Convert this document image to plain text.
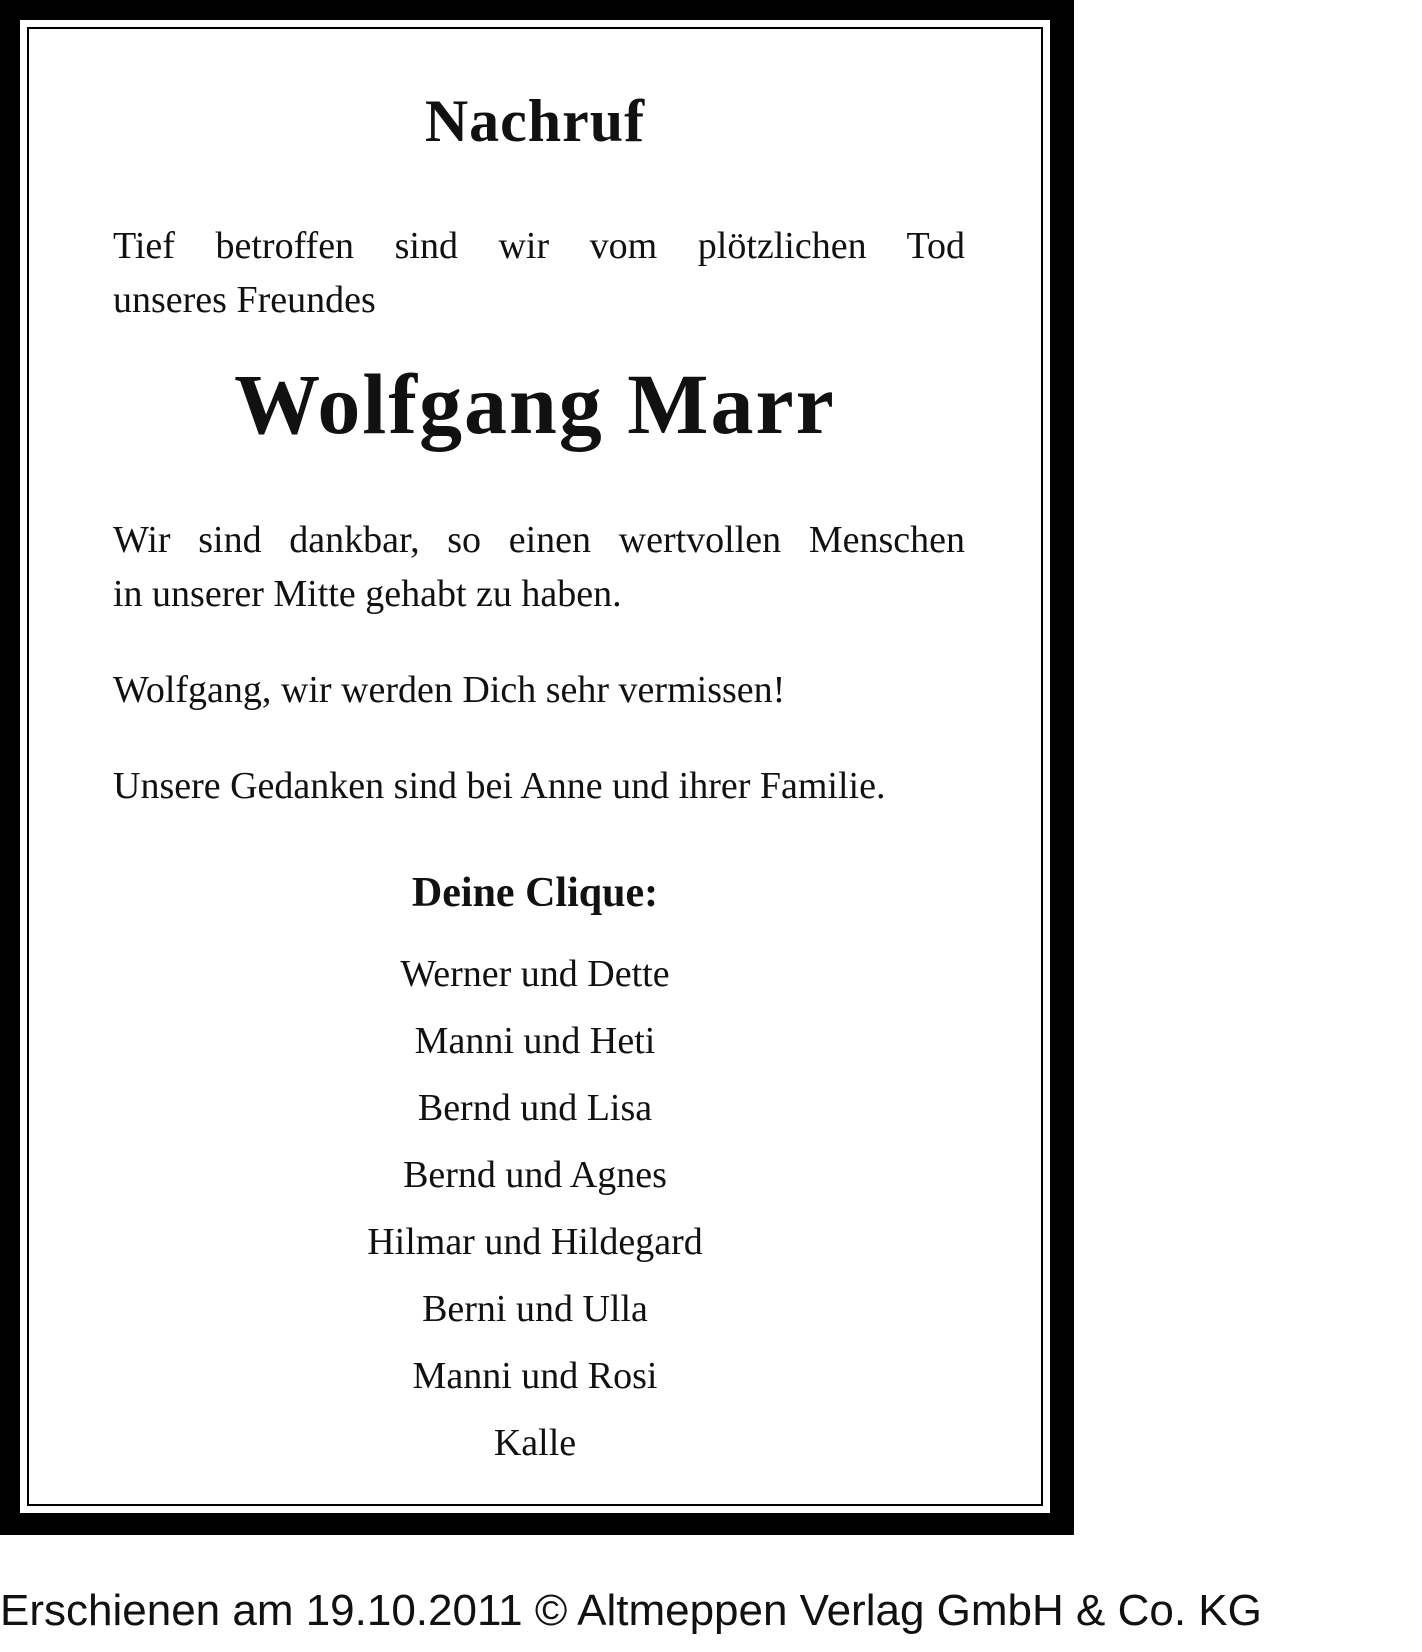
Nachruf
Tief betroffen sind wir vom plötzlichen Tod
unseres Freundes
Wolfgang Marr
Wir sind dankbar, so einen wertvollen Menschen
in unserer Mitte gehabt zu haben.
Wolfgang, wir werden Dich sehr vermissen!
Unsere Gedanken sind bei Anne und ihrer Familie.
Deine Clique:
Werner und Dette
Manni und Heti
Bernd und Lisa
Bernd und Agnes
Hilmar und Hildegard
Berni und Ulla
Manni und Rosi
Kalle
Erschienen am 19.10.2011 © Altmeppen Verlag GmbH & Co. KG
